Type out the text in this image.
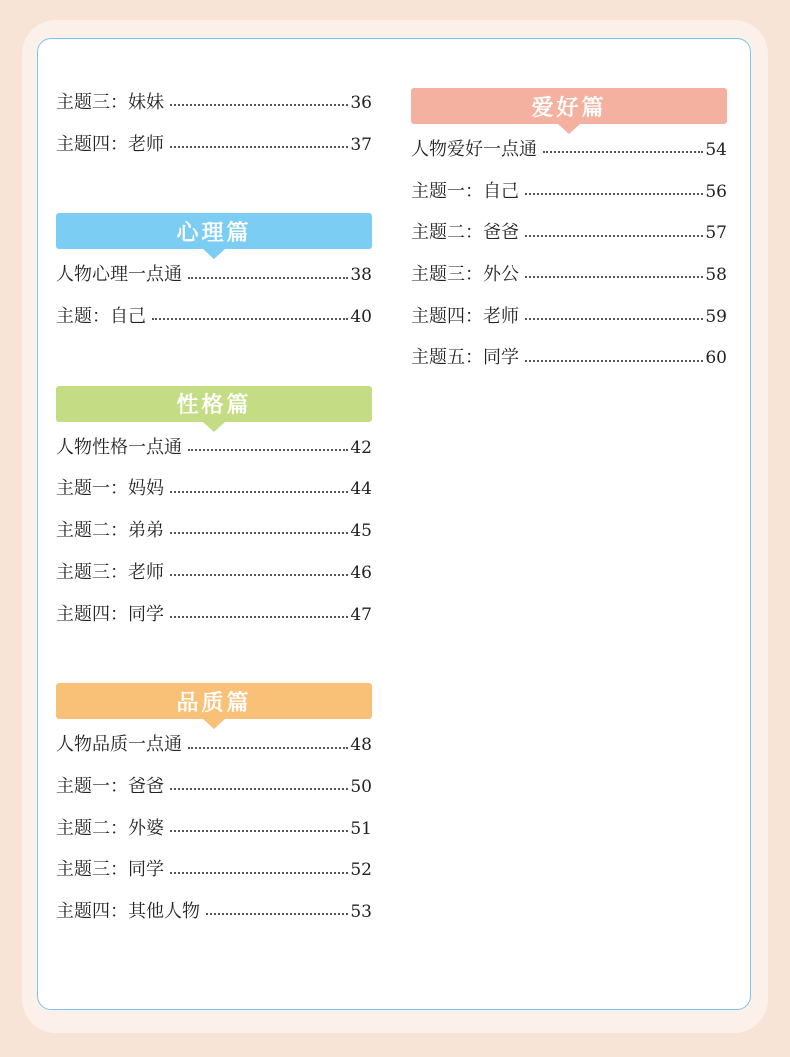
主题三：妹妹	36
主题四：老师	37
心理篇
人物心理一点通	38
主题：自己	40
性格篇
人物性格一点通	42
主题一：妈妈	44
主题二：弟弟	45
主题三：老师	46
主题四：同学	47
品质篇
人物品质一点通	48
主题一：爸爸	50
主题二：外婆	51
主题三：同学	52
主题四：其他人物	53
爱好篇
人物爱好一点通	54
主题一：自己	56
主题二：爸爸	57
主题三：外公	58
主题四：老师	59
主题五：同学	60
